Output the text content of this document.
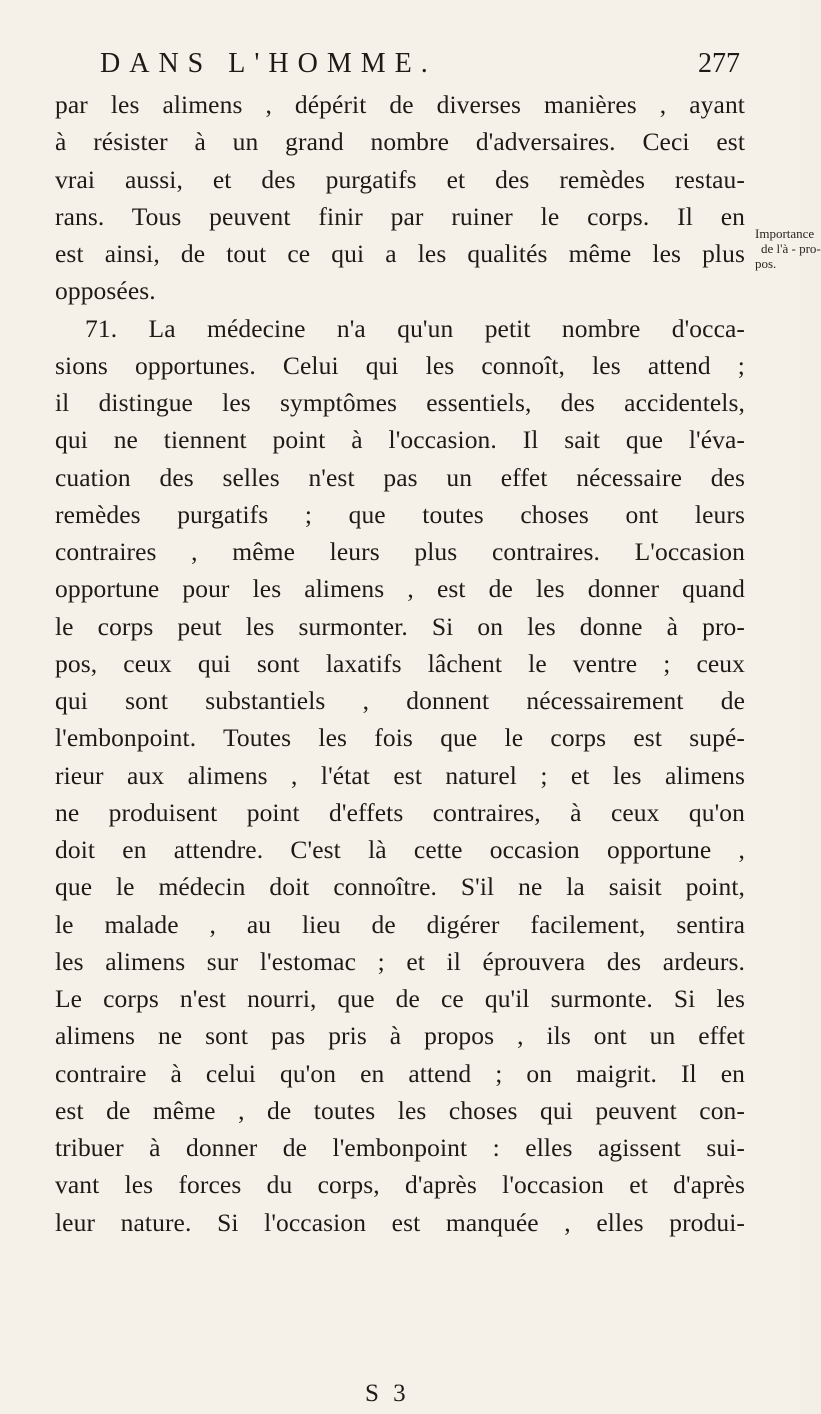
DANS L'HOMME.	277
par les alimens , dépérit de diverses manières , ayant
à résister à un grand nombre d'adversaires. Ceci est
vrai aussi, et des purgatifs et des remèdes restau-
rans. Tous peuvent finir par ruiner le corps. Il en
est ainsi, de tout ce qui a les qualités même les plus
opposées.
71. La médecine n'a qu'un petit nombre d'occa-
sions opportunes. Celui qui les connoît, les attend ;
il distingue les symptômes essentiels, des accidentels,
qui ne tiennent point à l'occasion. Il sait que l'éva-
cuation des selles n'est pas un effet nécessaire des
remèdes purgatifs ; que toutes choses ont leurs
contraires , même leurs plus contraires. L'occasion
opportune pour les alimens , est de les donner quand
le corps peut les surmonter. Si on les donne à pro-
pos, ceux qui sont laxatifs lâchent le ventre ; ceux
qui sont substantiels , donnent nécessairement de
l'embonpoint. Toutes les fois que le corps est supé-
rieur aux alimens , l'état est naturel ; et les alimens
ne produisent point d'effets contraires, à ceux qu'on
doit en attendre. C'est là cette occasion opportune ,
que le médecin doit connoître. S'il ne la saisit point,
le malade , au lieu de digérer facilement, sentira
les alimens sur l'estomac ; et il éprouvera des ardeurs.
Le corps n'est nourri, que de ce qu'il surmonte. Si les
alimens ne sont pas pris à propos , ils ont un effet
contraire à celui qu'on en attend ; on maigrit. Il en
est de même , de toutes les choses qui peuvent con-
tribuer à donner de l'embonpoint : elles agissent sui-
vant les forces du corps, d'après l'occasion et d'après
leur nature. Si l'occasion est manquée , elles produi-
Importance
de l'à - pro-
pos.
S 3
